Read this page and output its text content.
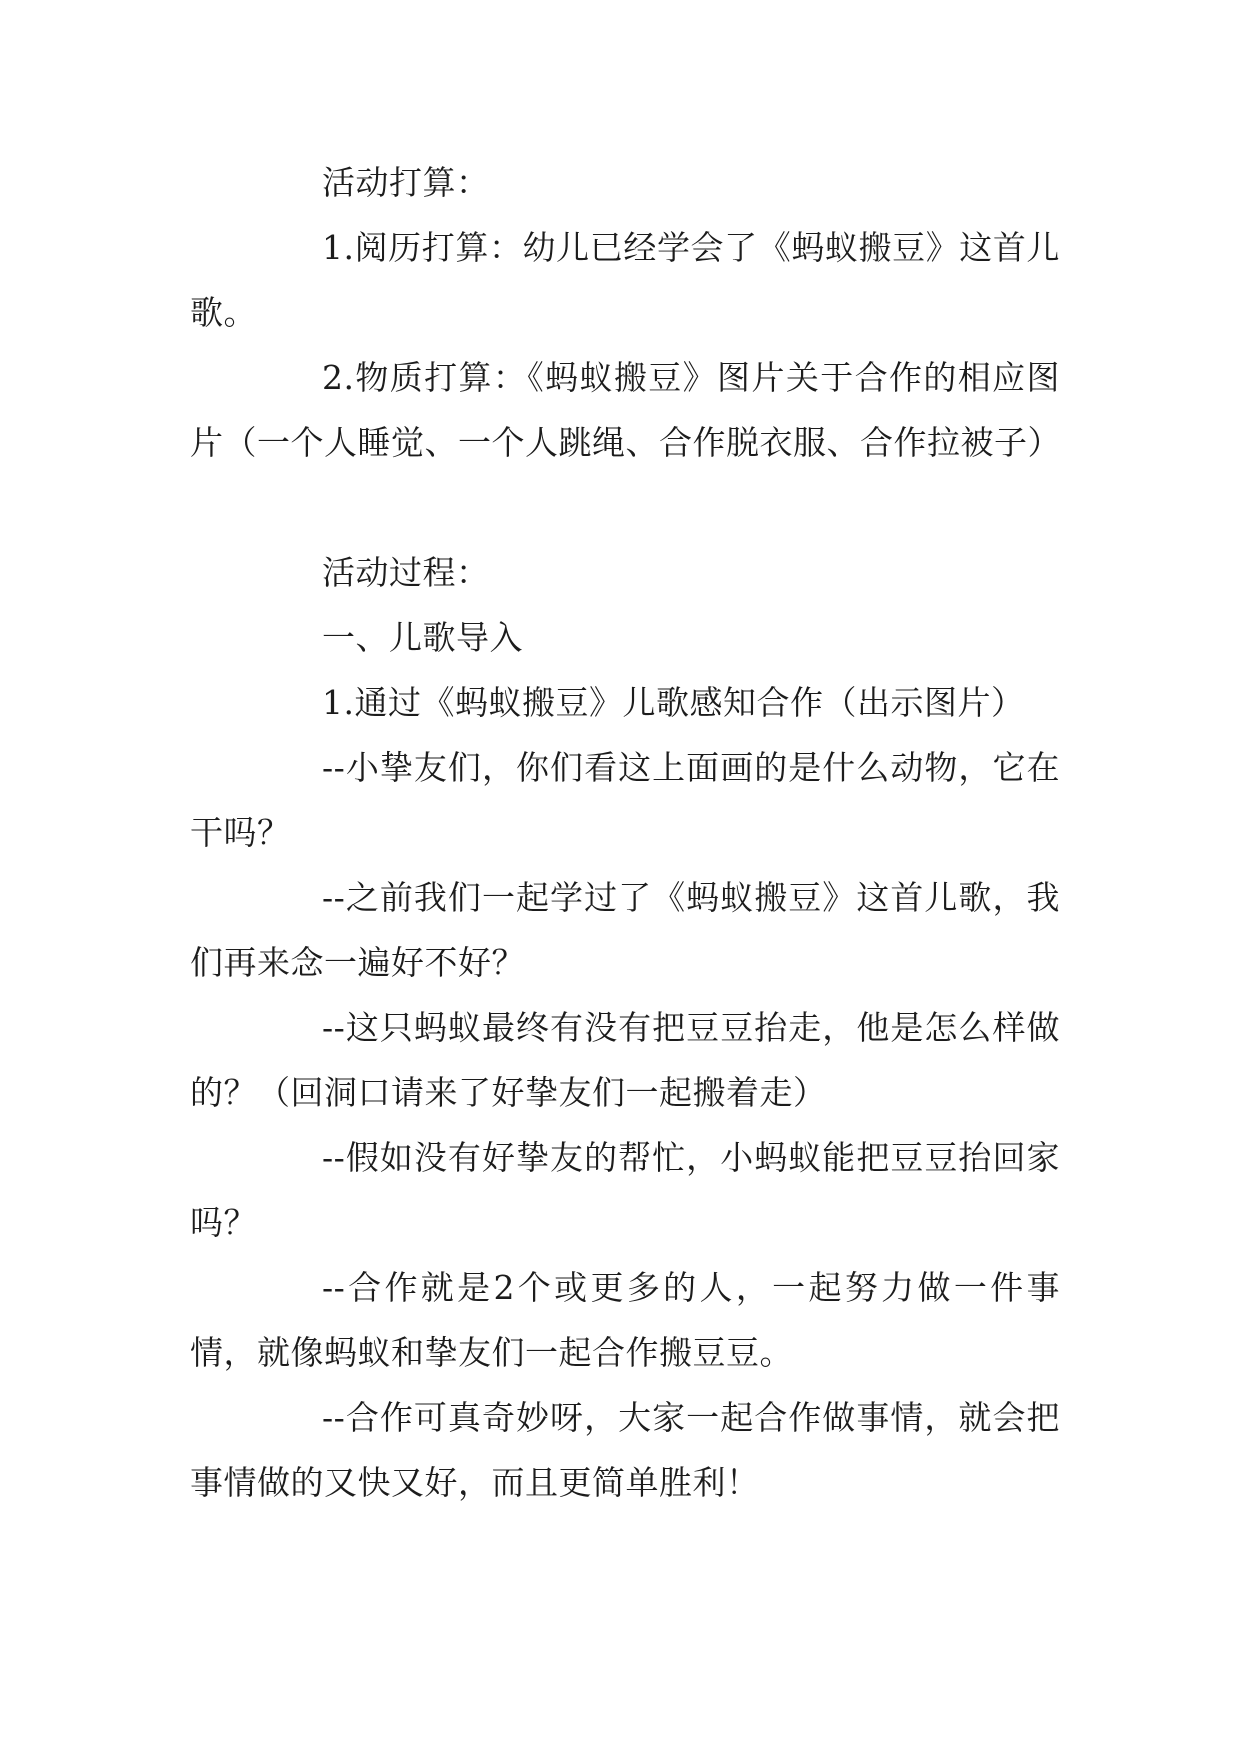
活动打算：

1.阅历打算：幼儿已经学会了《蚂蚁搬豆》这首儿歌。

2.物质打算：《蚂蚁搬豆》图片关于合作的相应图片（一个人睡觉、一个人跳绳、合作脱衣服、合作拉被子）

活动过程：

一、儿歌导入

1.通过《蚂蚁搬豆》儿歌感知合作（出示图片）

--小挚友们，你们看这上面画的是什么动物，它在干吗？

--之前我们一起学过了《蚂蚁搬豆》这首儿歌，我们再来念一遍好不好？

--这只蚂蚁最终有没有把豆豆抬走，他是怎么样做的？（回洞口请来了好挚友们一起搬着走）

--假如没有好挚友的帮忙，小蚂蚁能把豆豆抬回家吗？

--合作就是2个或更多的人，一起努力做一件事情，就像蚂蚁和挚友们一起合作搬豆豆。

--合作可真奇妙呀，大家一起合作做事情，就会把事情做的又快又好，而且更简单胜利！
